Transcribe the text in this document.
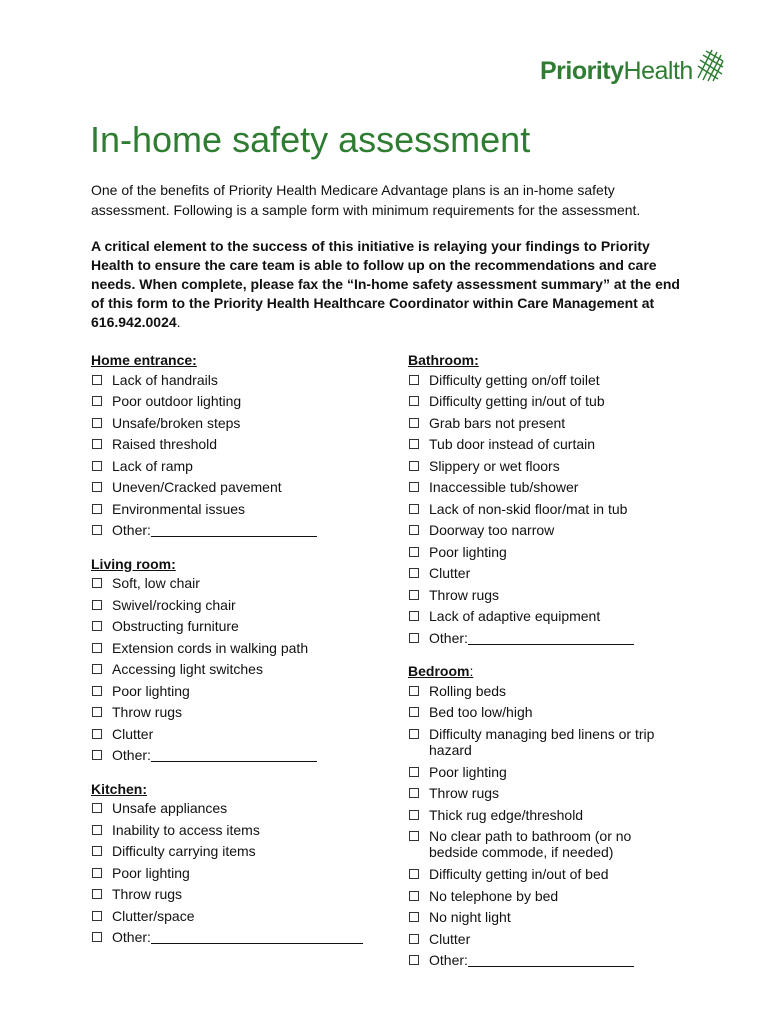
PriorityHealth
In-home safety assessment

One of the benefits of Priority Health Medicare Advantage plans is an in-home safety assessment. Following is a sample form with minimum requirements for the assessment.

A critical element to the success of this initiative is relaying your findings to Priority Health to ensure the care team is able to follow up on the recommendations and care needs. When complete, please fax the “In-home safety assessment summary” at the end of this form to the Priority Health Healthcare Coordinator within Care Management at 616.942.0024.

Home entrance:
Lack of handrails
Poor outdoor lighting
Unsafe/broken steps
Raised threshold
Lack of ramp
Uneven/Cracked pavement
Environmental issues
Other:
Living room:
Soft, low chair
Swivel/rocking chair
Obstructing furniture
Extension cords in walking path
Accessing light switches
Poor lighting
Throw rugs
Clutter
Other:
Kitchen:
Unsafe appliances
Inability to access items
Difficulty carrying items
Poor lighting
Throw rugs
Clutter/space
Other:
Bathroom:
Difficulty getting on/off toilet
Difficulty getting in/out of tub
Grab bars not present
Tub door instead of curtain
Slippery or wet floors
Inaccessible tub/shower
Lack of non-skid floor/mat in tub
Doorway too narrow
Poor lighting
Clutter
Throw rugs
Lack of adaptive equipment
Other:
Bedroom:
Rolling beds
Bed too low/high
Difficulty managing bed linens or trip hazard
Poor lighting
Throw rugs
Thick rug edge/threshold
No clear path to bathroom (or no bedside commode, if needed)
Difficulty getting in/out of bed
No telephone by bed
No night light
Clutter
Other:
